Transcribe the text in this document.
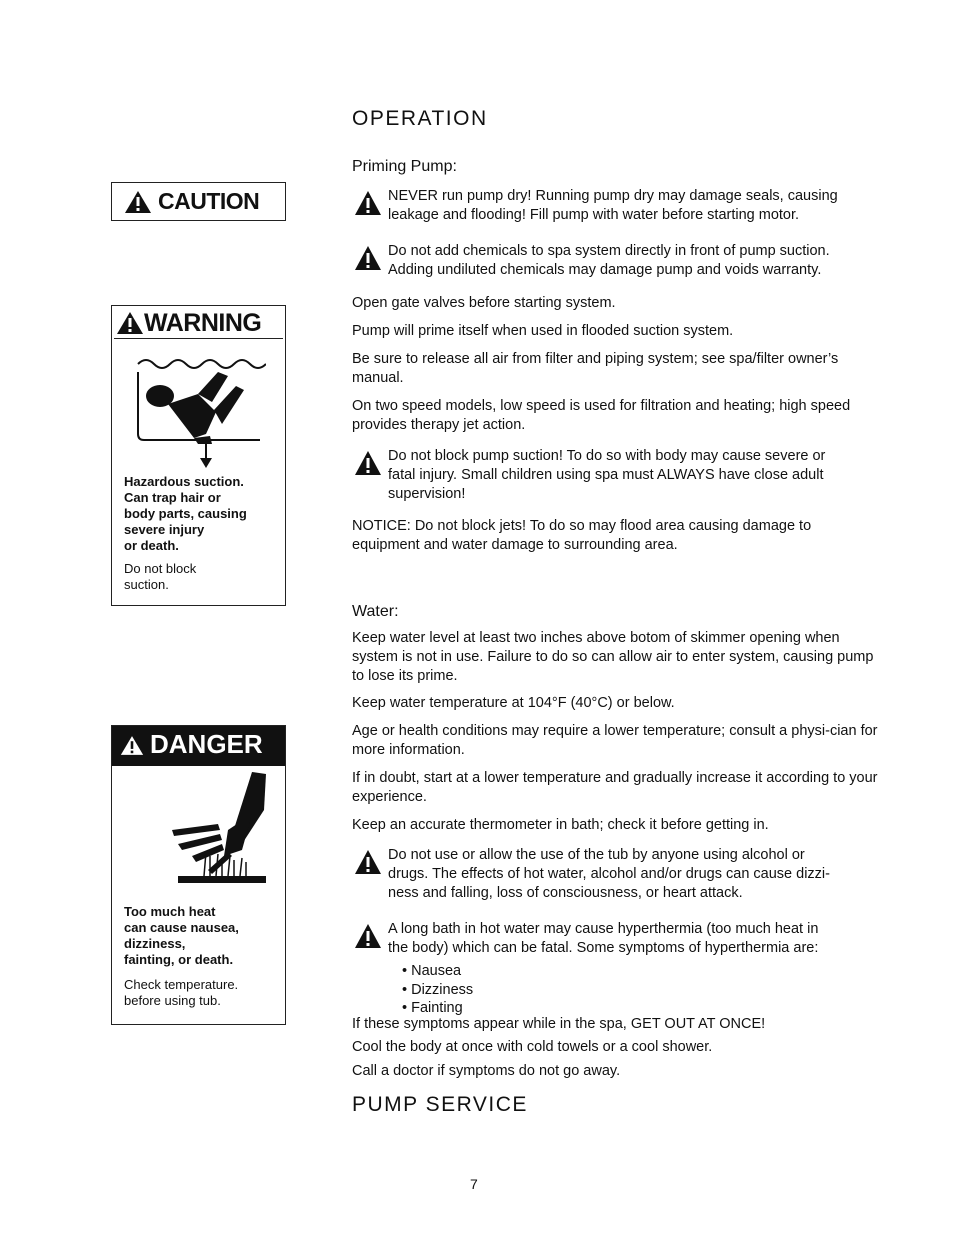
CAUTION
WARNING
Hazardous suction.
Can trap hair or
body parts, causing
severe injury
or death.
Do not block
suction.
DANGER
Too much heat
can cause nausea,
dizziness,
fainting, or death.
Check temperature.
before using tub.
OPERATION
Priming Pump:
NEVER run pump dry! Running pump dry may damage seals, causing
leakage and flooding! Fill pump with water before starting motor.
Do not add chemicals to spa system directly in front of pump suction.
Adding undiluted chemicals may damage pump and voids warranty.
Open gate valves before starting system.
Pump will prime itself when used in flooded suction system.
Be sure to release all air from filter and piping system; see spa/filter owner’s manual.
On two speed models, low speed is used for filtration and heating; high speed provides therapy jet action.
Do not block pump suction! To do so with body may cause severe or
fatal injury. Small children using spa must ALWAYS have close adult
supervision!
NOTICE: Do not block jets! To do so may flood area causing damage to equipment and water damage to surrounding area.
Water:
Keep water level at least two inches above botom of skimmer opening when system is not in use. Failure to do so can allow air to enter system, causing pump to lose its prime.
Keep water temperature at 104°F (40°C) or below.
Age or health conditions may require a lower temperature; consult a physi-cian for more information.
If in doubt, start at a lower temperature and gradually increase it according to your experience.
Keep an accurate thermometer in bath; check it before getting in.
Do not use or allow the use of the tub by anyone using alcohol or
drugs. The effects of hot water, alcohol and/or drugs can cause dizzi-
ness and falling, loss of consciousness, or heart attack.
A long bath in hot water may cause hyperthermia (too much heat in
the body) which can be fatal. Some symptoms of hyperthermia are:
• Nausea
• Dizziness
• Fainting
If these symptoms appear while in the spa, GET OUT AT ONCE!
Cool the body at once with cold towels or a cool shower.
Call a doctor if symptoms do not go away.
PUMP SERVICE
7
